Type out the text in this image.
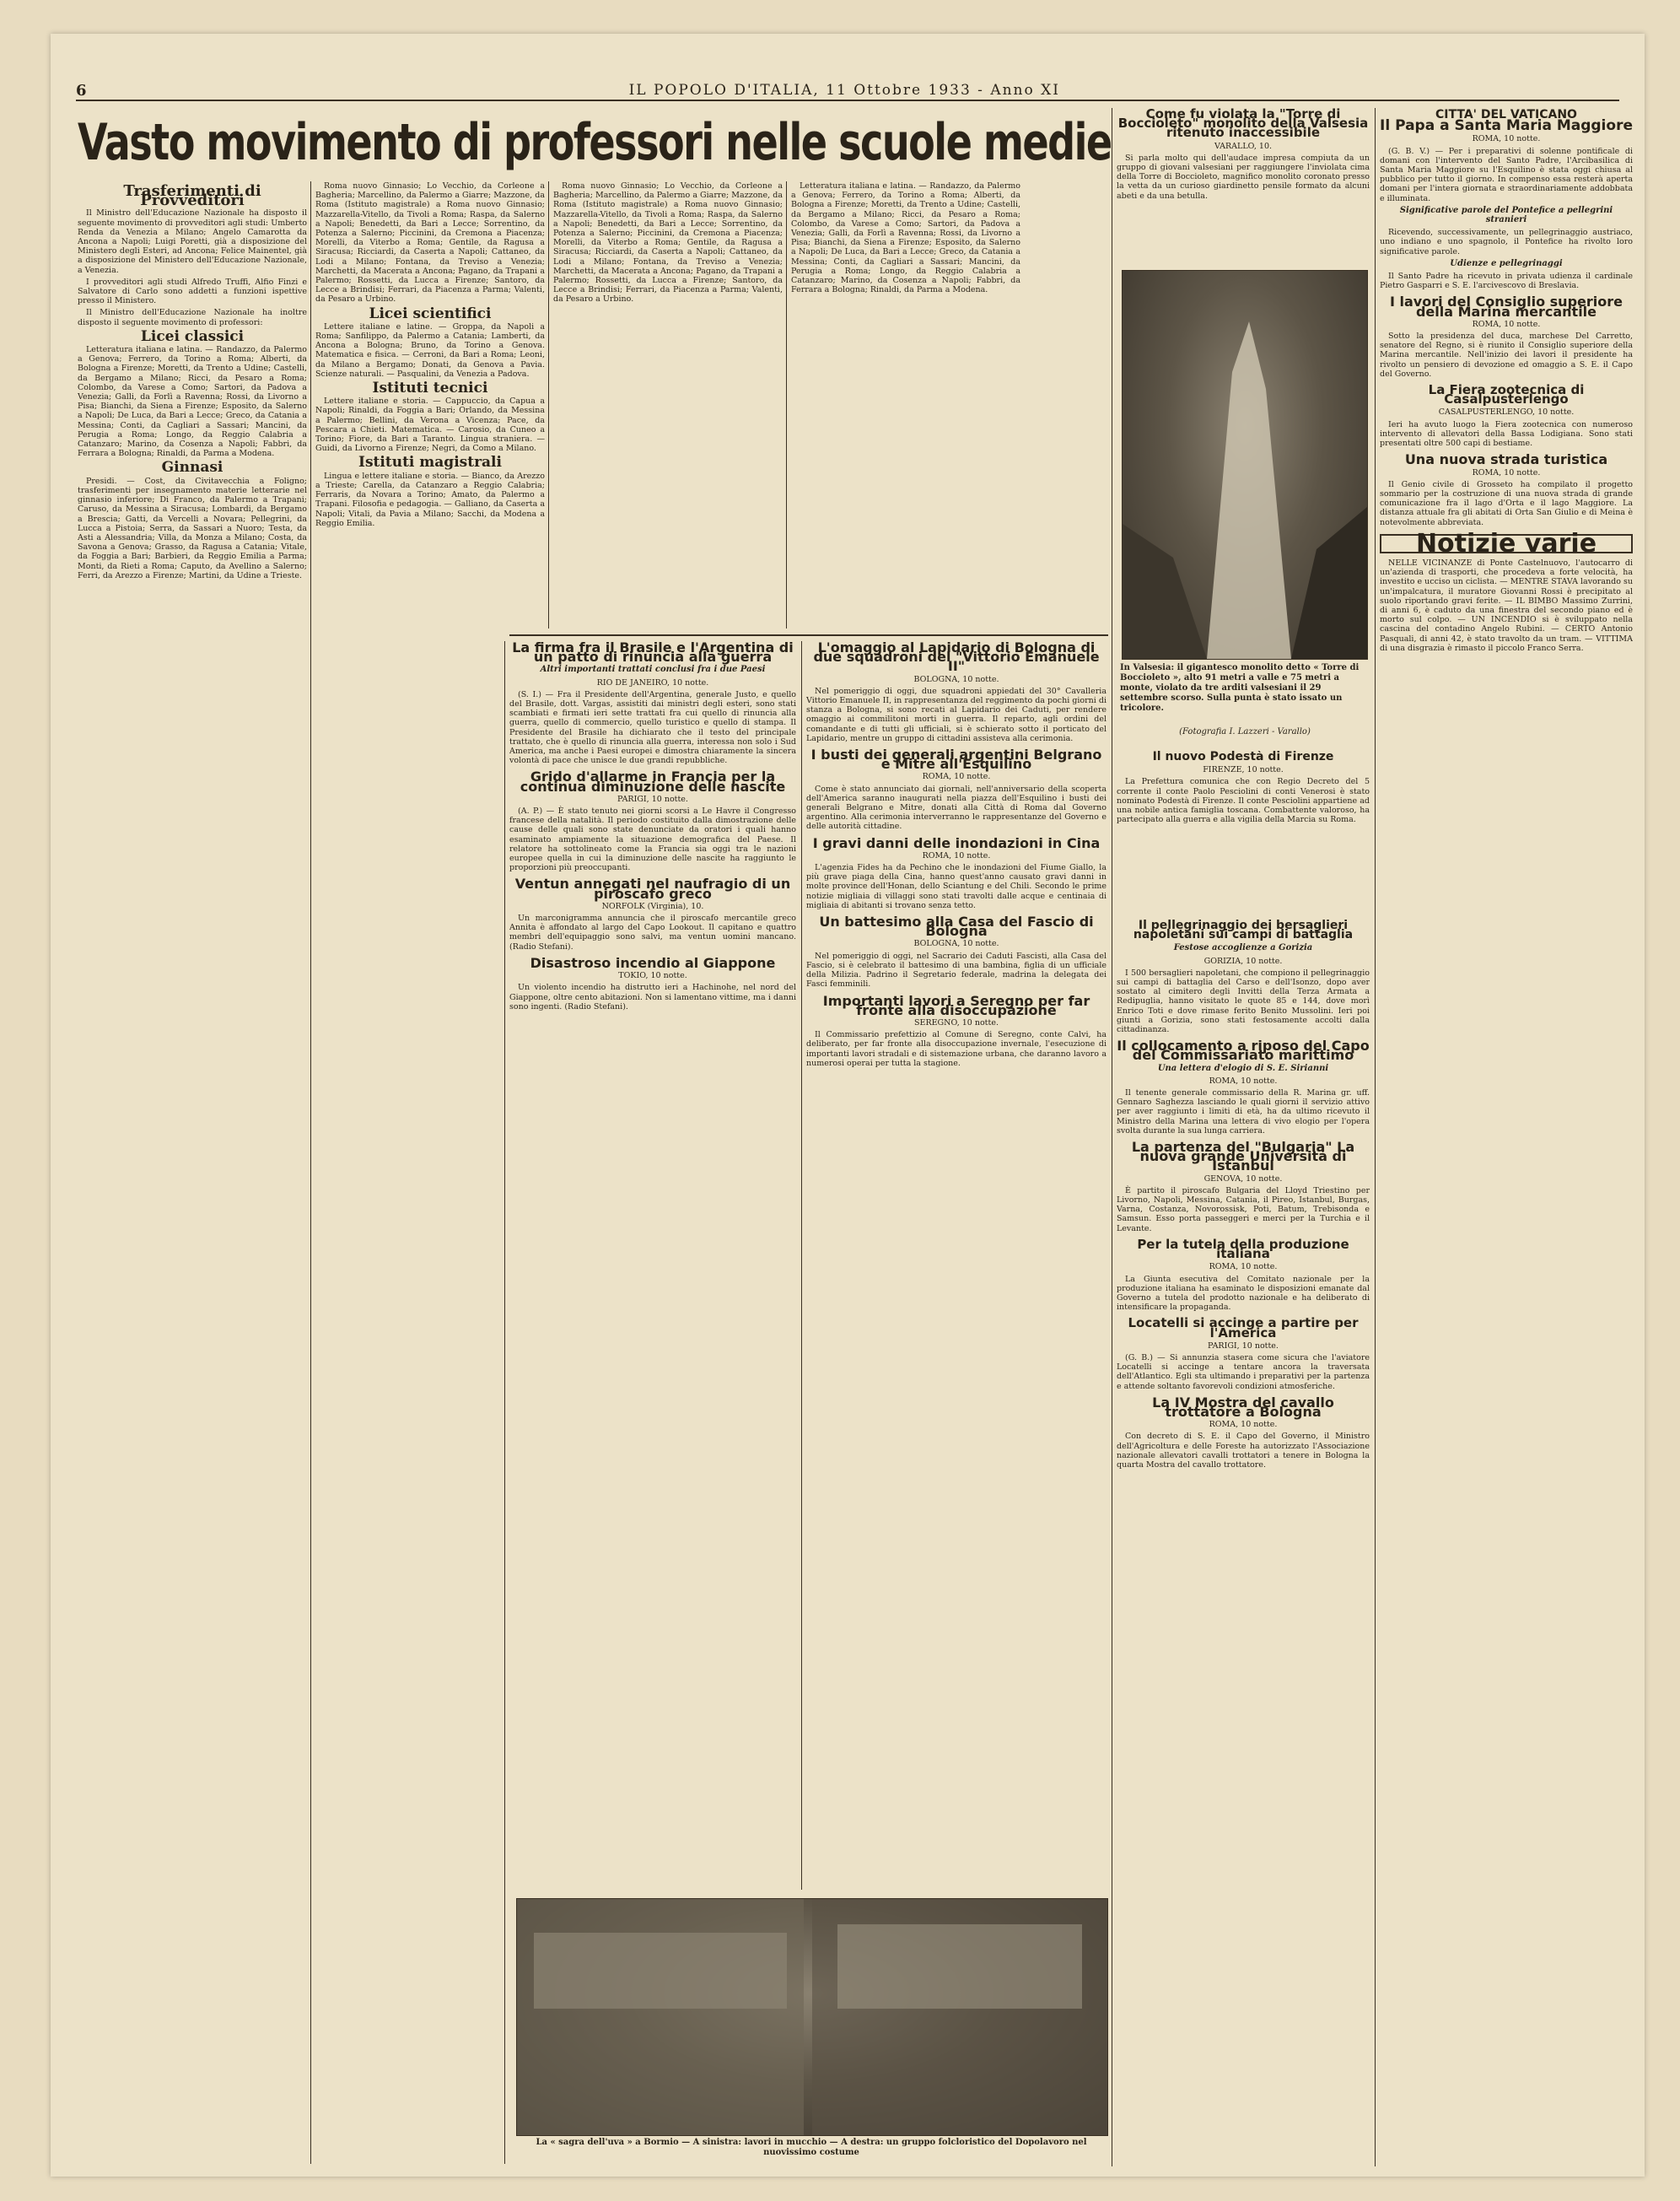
6	IL POPOLO D'ITALIA, 11 Ottobre 1933 - Anno XI
Vasto movimento di professori nelle scuole medie
Trasferimenti di Provveditori

Il Ministro dell'Educazione Nazionale ha disposto il seguente movimento di provveditori agli studi: Umberto Renda da Venezia a Milano; Angelo Camarotta da Ancona a Napoli; Luigi Poretti, già a disposizione del Ministero degli Esteri, ad Ancona; Felice Mainentel, già a disposizione del Ministero dell'Educazione Nazionale, a Venezia.

I provveditori agli studi Alfredo Truffi, Alfio Finzi e Salvatore di Carlo sono addetti a funzioni ispettive presso il Ministero.

Il Ministro dell'Educazione Nazionale ha inoltre disposto il seguente movimento di professori:

Licei classici

Letteratura italiana e latina. — Randazzo, da Palermo a Genova; Ferrero, da Torino a Roma; Alberti, da Bologna a Firenze; Moretti, da Trento a Udine; Castelli, da Bergamo a Milano; Ricci, da Pesaro a Roma; Colombo, da Varese a Como; Sartori, da Padova a Venezia; Galli, da Forlì a Ravenna; Rossi, da Livorno a Pisa; Bianchi, da Siena a Firenze; Esposito, da Salerno a Napoli; De Luca, da Bari a Lecce; Greco, da Catania a Messina; Conti, da Cagliari a Sassari; Mancini, da Perugia a Roma; Longo, da Reggio Calabria a Catanzaro; Marino, da Cosenza a Napoli; Fabbri, da Ferrara a Bologna; Rinaldi, da Parma a Modena.

Ginnasi

Presidi. — Cost, da Civitavecchia a Foligno; trasferimenti per insegnamento materie letterarie nel ginnasio inferiore; Di Franco, da Palermo a Trapani; Caruso, da Messina a Siracusa; Lombardi, da Bergamo a Brescia; Gatti, da Vercelli a Novara; Pellegrini, da Lucca a Pistoia; Serra, da Sassari a Nuoro; Testa, da Asti a Alessandria; Villa, da Monza a Milano; Costa, da Savona a Genova; Grasso, da Ragusa a Catania; Vitale, da Foggia a Bari; Barbieri, da Reggio Emilia a Parma; Monti, da Rieti a Roma; Caputo, da Avellino a Salerno; Ferri, da Arezzo a Firenze; Martini, da Udine a Trieste.

Roma nuovo Ginnasio; Lo Vecchio, da Corleone a Bagheria; Marcellino, da Palermo a Giarre; Mazzone, da Roma (Istituto magistrale) a Roma nuovo Ginnasio; Mazzarella-Vitello, da Tivoli a Roma; Raspa, da Salerno a Napoli; Benedetti, da Bari a Lecce; Sorrentino, da Potenza a Salerno; Piccinini, da Cremona a Piacenza; Morelli, da Viterbo a Roma; Gentile, da Ragusa a Siracusa; Ricciardi, da Caserta a Napoli; Cattaneo, da Lodi a Milano; Fontana, da Treviso a Venezia; Marchetti, da Macerata a Ancona; Pagano, da Trapani a Palermo; Rossetti, da Lucca a Firenze; Santoro, da Lecce a Brindisi; Ferrari, da Piacenza a Parma; Valenti, da Pesaro a Urbino.

Licei scientifici

Lettere italiane e latine. — Groppa, da Napoli a Roma; Sanfilippo, da Palermo a Catania; Lamberti, da Ancona a Bologna; Bruno, da Torino a Genova. Matematica e fisica. — Cerroni, da Bari a Roma; Leoni, da Milano a Bergamo; Donati, da Genova a Pavia. Scienze naturali. — Pasqualini, da Venezia a Padova.

Istituti tecnici

Lettere italiane e storia. — Cappuccio, da Capua a Napoli; Rinaldi, da Foggia a Bari; Orlando, da Messina a Palermo; Bellini, da Verona a Vicenza; Pace, da Pescara a Chieti. Matematica. — Carosio, da Cuneo a Torino; Fiore, da Bari a Taranto. Lingua straniera. — Guidi, da Livorno a Firenze; Negri, da Como a Milano.

Istituti magistrali

Lingua e lettere italiane e storia. — Bianco, da Arezzo a Trieste; Carella, da Catanzaro a Reggio Calabria; Ferraris, da Novara a Torino; Amato, da Palermo a Trapani. Filosofia e pedagogia. — Galliano, da Caserta a Napoli; Vitali, da Pavia a Milano; Sacchi, da Modena a Reggio Emilia.

Roma nuovo Ginnasio; Lo Vecchio, da Corleone a Bagheria; Marcellino, da Palermo a Giarre; Mazzone, da Roma (Istituto magistrale) a Roma nuovo Ginnasio; Mazzarella-Vitello, da Tivoli a Roma; Raspa, da Salerno a Napoli; Benedetti, da Bari a Lecce; Sorrentino, da Potenza a Salerno; Piccinini, da Cremona a Piacenza; Morelli, da Viterbo a Roma; Gentile, da Ragusa a Siracusa; Ricciardi, da Caserta a Napoli; Cattaneo, da Lodi a Milano; Fontana, da Treviso a Venezia; Marchetti, da Macerata a Ancona; Pagano, da Trapani a Palermo; Rossetti, da Lucca a Firenze; Santoro, da Lecce a Brindisi; Ferrari, da Piacenza a Parma; Valenti, da Pesaro a Urbino.

Letteratura italiana e latina. — Randazzo, da Palermo a Genova; Ferrero, da Torino a Roma; Alberti, da Bologna a Firenze; Moretti, da Trento a Udine; Castelli, da Bergamo a Milano; Ricci, da Pesaro a Roma; Colombo, da Varese a Como; Sartori, da Padova a Venezia; Galli, da Forlì a Ravenna; Rossi, da Livorno a Pisa; Bianchi, da Siena a Firenze; Esposito, da Salerno a Napoli; De Luca, da Bari a Lecce; Greco, da Catania a Messina; Conti, da Cagliari a Sassari; Mancini, da Perugia a Roma; Longo, da Reggio Calabria a Catanzaro; Marino, da Cosenza a Napoli; Fabbri, da Ferrara a Bologna; Rinaldi, da Parma a Modena.

La firma fra il Brasile e l'Argentina di un patto di rinuncia alla guerra
Altri importanti trattati conclusi fra i due Paesi
RIO DE JANEIRO, 10 notte.

(S. I.) — Fra il Presidente dell'Argentina, generale Justo, e quello del Brasile, dott. Vargas, assistiti dai ministri degli esteri, sono stati scambiati e firmati ieri sette trattati fra cui quello di rinuncia alla guerra, quello di commercio, quello turistico e quello di stampa. Il Presidente del Brasile ha dichiarato che il testo del principale trattato, che è quello di rinuncia alla guerra, interessa non solo i Sud America, ma anche i Paesi europei e dimostra chiaramente la sincera volontà di pace che unisce le due grandi repubbliche.

Grido d'allarme in Francia per la continua diminuzione delle nascite
PARIGI, 10 notte.

(A. P.) — È stato tenuto nei giorni scorsi a Le Havre il Congresso francese della natalità. Il periodo costituito dalla dimostrazione delle cause delle quali sono state denunciate da oratori i quali hanno esaminato ampiamente la situazione demografica del Paese. Il relatore ha sottolineato come la Francia sia oggi tra le nazioni europee quella in cui la diminuzione delle nascite ha raggiunto le proporzioni più preoccupanti.

Ventun annegati nel naufragio di un piroscafo greco
NORFOLK (Virginia), 10.

Un marconigramma annuncia che il piroscafo mercantile greco Annita è affondato al largo del Capo Lookout. Il capitano e quattro membri dell'equipaggio sono salvi, ma ventun uomini mancano. (Radio Stefani).

Disastroso incendio al Giappone
TOKIO, 10 notte.

Un violento incendio ha distrutto ieri a Hachinohe, nel nord del Giappone, oltre cento abitazioni. Non si lamentano vittime, ma i danni sono ingenti. (Radio Stefani).

L'omaggio al Lapidario di Bologna di due squadroni del "Vittorio Emanuele II"
BOLOGNA, 10 notte.

Nel pomeriggio di oggi, due squadroni appiedati del 30° Cavalleria Vittorio Emanuele II, in rappresentanza del reggimento da pochi giorni di stanza a Bologna, si sono recati al Lapidario dei Caduti, per rendere omaggio ai commilitoni morti in guerra. Il reparto, agli ordini del comandante e di tutti gli ufficiali, si è schierato sotto il porticato del Lapidario, mentre un gruppo di cittadini assisteva alla cerimonia.

I busti dei generali argentini Belgrano e Mitre all'Esquilino
ROMA, 10 notte.

Come è stato annunciato dai giornali, nell'anniversario della scoperta dell'America saranno inaugurati nella piazza dell'Esquilino i busti dei generali Belgrano e Mitre, donati alla Città di Roma dal Governo argentino. Alla cerimonia interverranno le rappresentanze del Governo e delle autorità cittadine.

I gravi danni delle inondazioni in Cina
ROMA, 10 notte.

L'agenzia Fides ha da Pechino che le inondazioni del Fiume Giallo, la più grave piaga della Cina, hanno quest'anno causato gravi danni in molte province dell'Honan, dello Sciantung e del Chili. Secondo le prime notizie migliaia di villaggi sono stati travolti dalle acque e centinaia di migliaia di abitanti si trovano senza tetto.

Un battesimo alla Casa del Fascio di Bologna
BOLOGNA, 10 notte.

Nel pomeriggio di oggi, nel Sacrario dei Caduti Fascisti, alla Casa del Fascio, si è celebrato il battesimo di una bambina, figlia di un ufficiale della Milizia. Padrino il Segretario federale, madrina la delegata dei Fasci femminili.

Importanti lavori a Seregno per far fronte alla disoccupazione
SEREGNO, 10 notte.

Il Commissario prefettizio al Comune di Seregno, conte Calvi, ha deliberato, per far fronte alla disoccupazione invernale, l'esecuzione di importanti lavori stradali e di sistemazione urbana, che daranno lavoro a numerosi operai per tutta la stagione.

La « sagra dell'uva » a Bormio — A sinistra: lavori in mucchio — A destra: un gruppo folcloristico del Dopolavoro nel nuovissimo costume
Come fu violata la "Torre di Boccioleto" monolito della Valsesia ritenuto inaccessibile
VARALLO, 10.

Si parla molto qui dell'audace impresa compiuta da un gruppo di giovani valsesiani per raggiungere l'inviolata cima della Torre di Boccioleto, magnifico monolito coronato presso la vetta da un curioso giardinetto pensile formato da alcuni abeti e da una betulla.

In Valsesia: il gigantesco monolito detto « Torre di Boccioleto », alto 91 metri a valle e 75 metri a monte, violato da tre arditi valsesiani il 29 settembre scorso. Sulla punta è stato issato un tricolore.
(Fotografia I. Lazzeri - Varallo)
Il nuovo Podestà di Firenze
FIRENZE, 10 notte.

La Prefettura comunica che con Regio Decreto del 5 corrente il conte Paolo Pesciolini di conti Venerosi è stato nominato Podestà di Firenze. Il conte Pesciolini appartiene ad una nobile antica famiglia toscana. Combattente valoroso, ha partecipato alla guerra e alla vigilia della Marcia su Roma.

CITTA' DEL VATICANO
Il Papa a Santa Maria Maggiore
ROMA, 10 notte.

(G. B. V.) — Per i preparativi di solenne pontificale di domani con l'intervento del Santo Padre, l'Arcibasilica di Santa Maria Maggiore su l'Esquilino è stata oggi chiusa al pubblico per tutto il giorno. In compenso essa resterà aperta domani per l'intera giornata e straordinariamente addobbata e illuminata.

Significative parole del Pontefice a pellegrini stranieri

Ricevendo, successivamente, un pellegrinaggio austriaco, uno indiano e uno spagnolo, il Pontefice ha rivolto loro significative parole.

Udienze e pellegrinaggi

Il Santo Padre ha ricevuto in privata udienza il cardinale Pietro Gasparri e S. E. l'arcivescovo di Breslavia.

I lavori del Consiglio superiore della Marina mercantile
ROMA, 10 notte.

Sotto la presidenza del duca, marchese Del Carretto, senatore del Regno, si è riunito il Consiglio superiore della Marina mercantile. Nell'inizio dei lavori il presidente ha rivolto un pensiero di devozione ed omaggio a S. E. il Capo del Governo.

La Fiera zootecnica di Casalpusterlengo
CASALPUSTERLENGO, 10 notte.

Ieri ha avuto luogo la Fiera zootecnica con numeroso intervento di allevatori della Bassa Lodigiana. Sono stati presentati oltre 500 capi di bestiame.

Una nuova strada turistica
ROMA, 10 notte.

Il Genio civile di Grosseto ha compilato il progetto sommario per la costruzione di una nuova strada di grande comunicazione fra il lago d'Orta e il lago Maggiore. La distanza attuale fra gli abitati di Orta San Giulio e di Meina è notevolmente abbreviata.

Notizie varie

NELLE VICINANZE di Ponte Castelnuovo, l'autocarro di un'azienda di trasporti, che procedeva a forte velocità, ha investito e ucciso un ciclista. — MENTRE STAVA lavorando su un'impalcatura, il muratore Giovanni Rossi è precipitato al suolo riportando gravi ferite. — IL BIMBO Massimo Zurrini, di anni 6, è caduto da una finestra del secondo piano ed è morto sul colpo. — UN INCENDIO si è sviluppato nella cascina del contadino Angelo Rubini. — CERTO Antonio Pasquali, di anni 42, è stato travolto da un tram. — VITTIMA di una disgrazia è rimasto il piccolo Franco Serra.

Il pellegrinaggio dei bersaglieri napoletani sui campi di battaglia
Festose accoglienze a Gorizia
GORIZIA, 10 notte.

I 500 bersaglieri napoletani, che compiono il pellegrinaggio sui campi di battaglia del Carso e dell'Isonzo, dopo aver sostato al cimitero degli Invitti della Terza Armata a Redipuglia, hanno visitato le quote 85 e 144, dove morì Enrico Toti e dove rimase ferito Benito Mussolini. Ieri poi giunti a Gorizia, sono stati festosamente accolti dalla cittadinanza.

Il collocamento a riposo del Capo del Commissariato marittimo
Una lettera d'elogio di S. E. Sirianni
ROMA, 10 notte.

Il tenente generale commissario della R. Marina gr. uff. Gennaro Saghezza lasciando le quali giorni il servizio attivo per aver raggiunto i limiti di età, ha da ultimo ricevuto il Ministro della Marina una lettera di vivo elogio per l'opera svolta durante la sua lunga carriera.

La partenza del "Bulgaria" La nuova grande Università di Istanbul
GENOVA, 10 notte.

È partito il piroscafo Bulgaria del Lloyd Triestino per Livorno, Napoli, Messina, Catania, il Pireo, Istanbul, Burgas, Varna, Costanza, Novorossisk, Poti, Batum, Trebisonda e Samsun. Esso porta passeggeri e merci per la Turchia e il Levante.

Per la tutela della produzione italiana
ROMA, 10 notte.

La Giunta esecutiva del Comitato nazionale per la produzione italiana ha esaminato le disposizioni emanate dal Governo a tutela del prodotto nazionale e ha deliberato di intensificare la propaganda.

Locatelli si accinge a partire per l'America
PARIGI, 10 notte.

(G. B.) — Si annunzia stasera come sicura che l'aviatore Locatelli si accinge a tentare ancora la traversata dell'Atlantico. Egli sta ultimando i preparativi per la partenza e attende soltanto favorevoli condizioni atmosferiche.

La IV Mostra del cavallo trottatore a Bologna
ROMA, 10 notte.

Con decreto di S. E. il Capo del Governo, il Ministro dell'Agricoltura e delle Foreste ha autorizzato l'Associazione nazionale allevatori cavalli trottatori a tenere in Bologna la quarta Mostra del cavallo trottatore.
